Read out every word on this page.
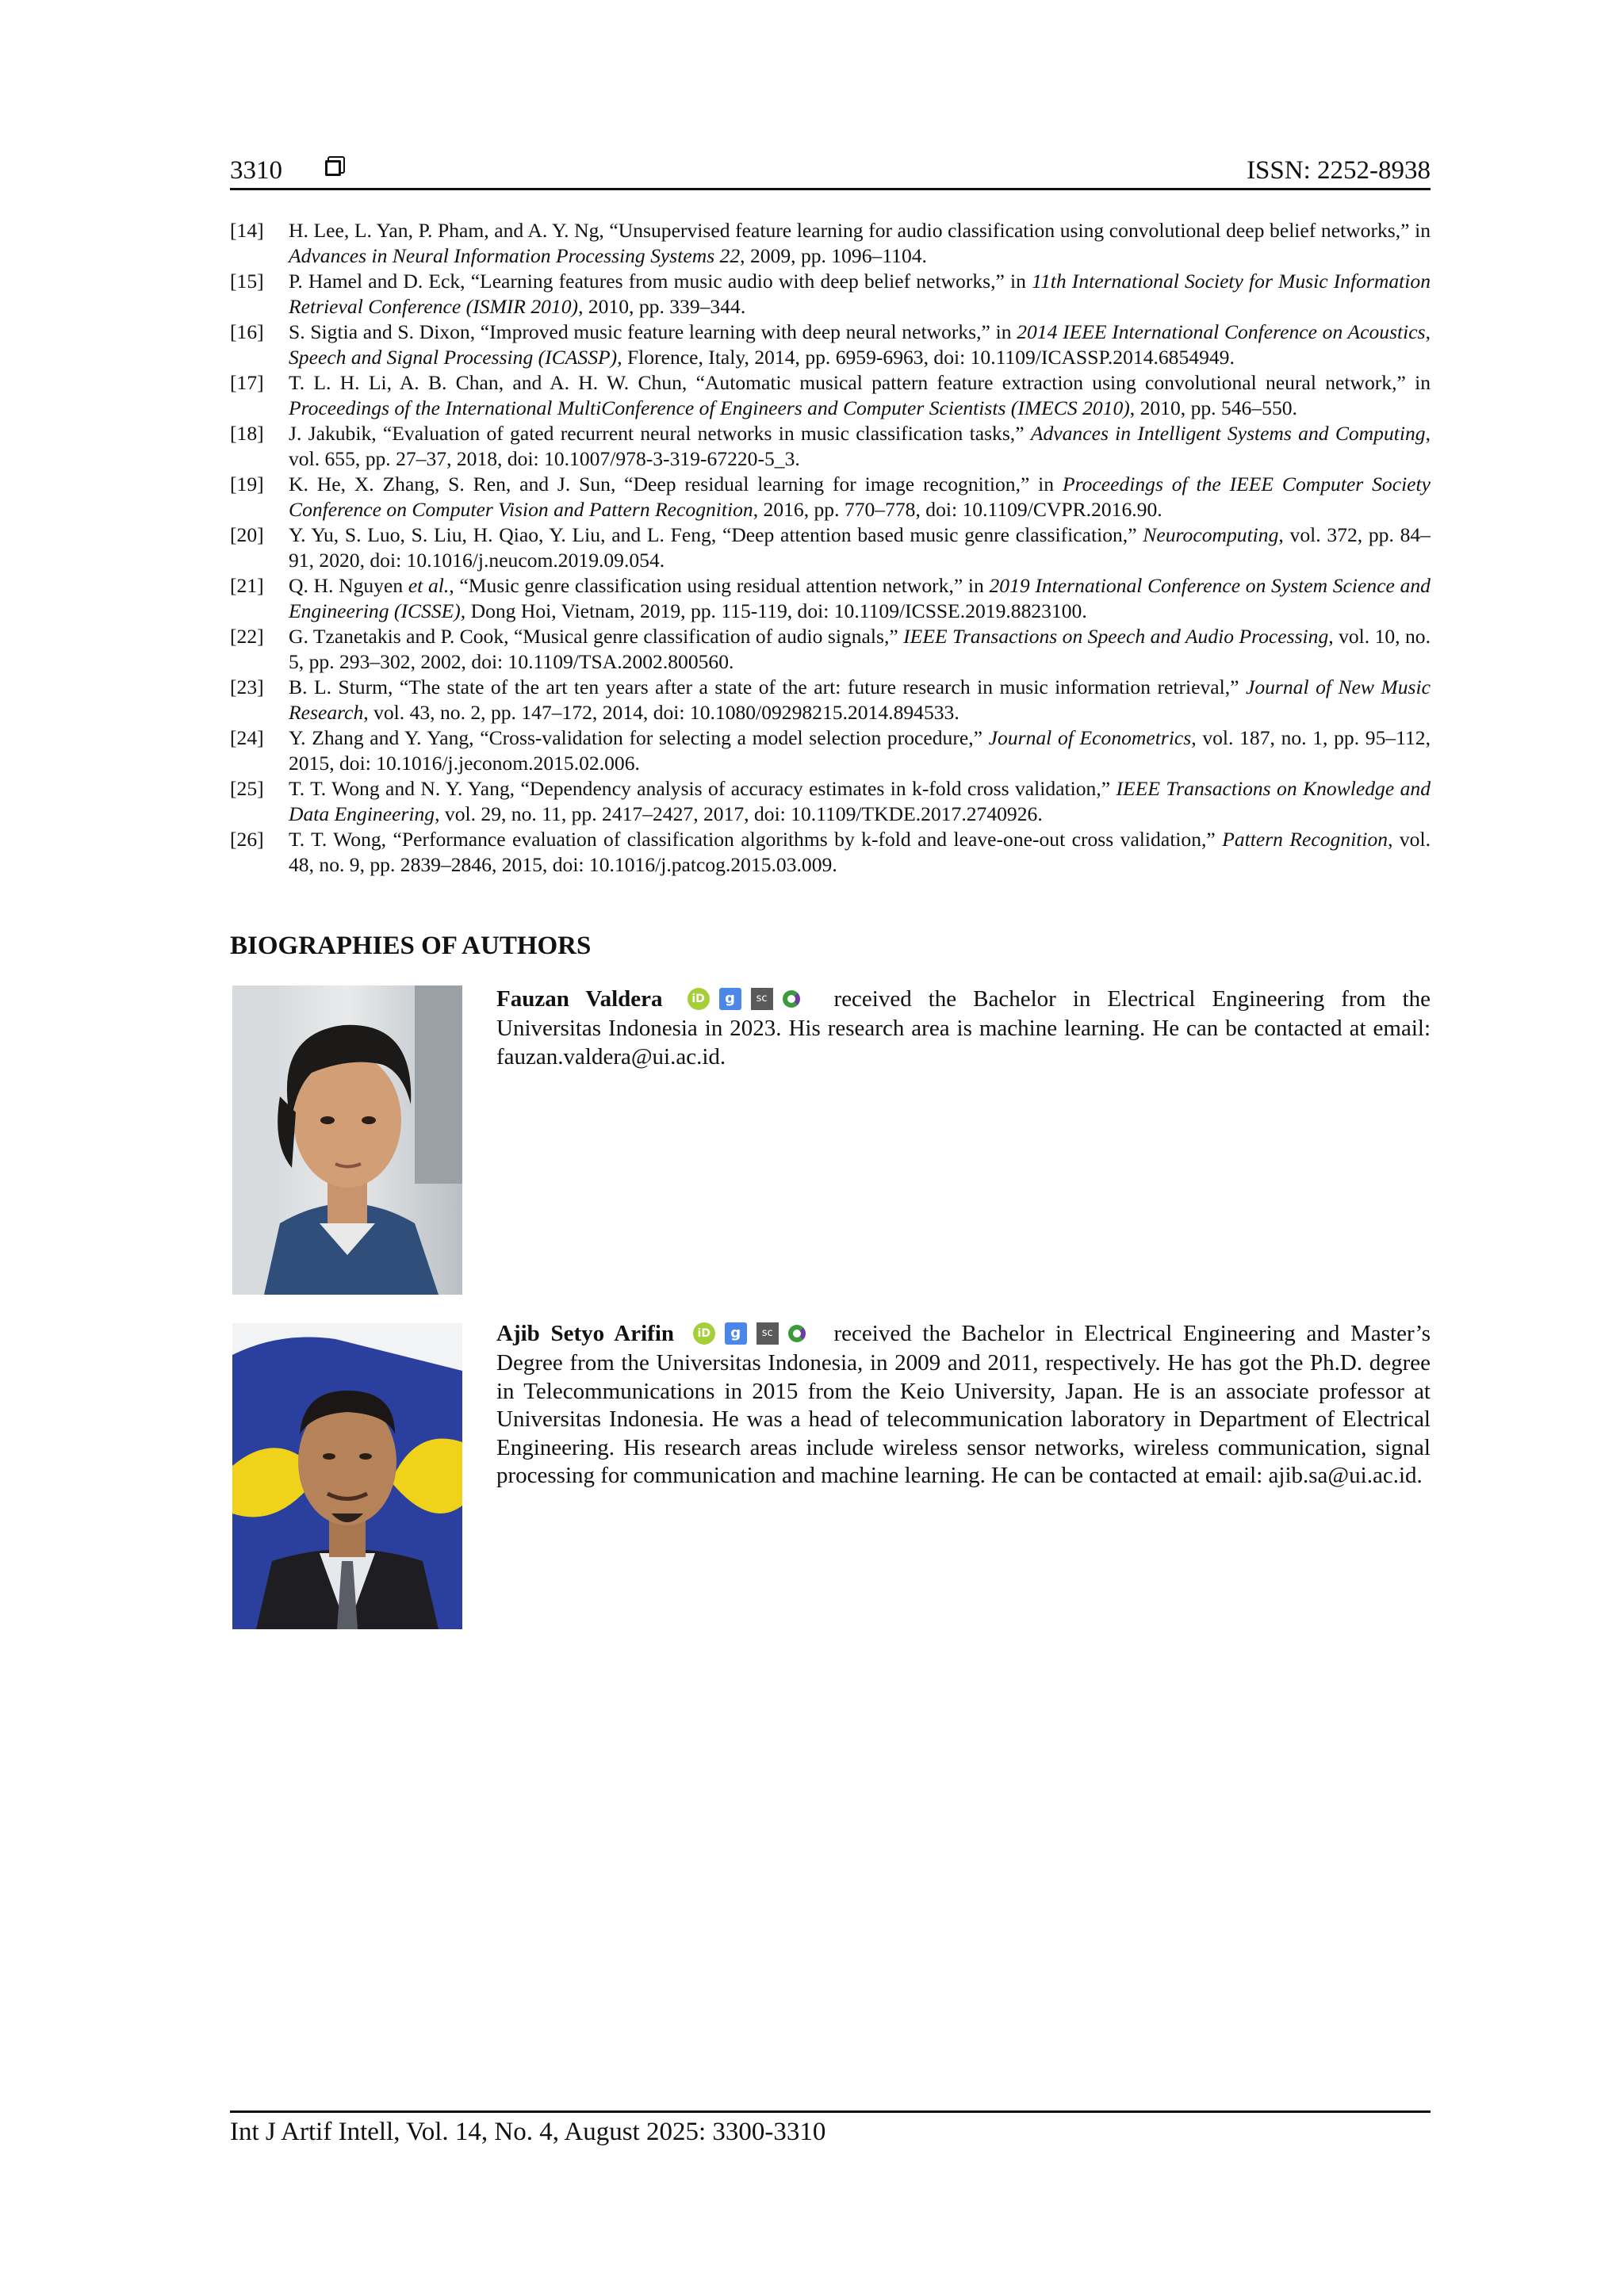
3310	ISSN: 2252-8938

[14] H. Lee, L. Yan, P. Pham, and A. Y. Ng, “Unsupervised feature learning for audio classification using convolutional deep belief networks,” in Advances in Neural Information Processing Systems 22, 2009, pp. 1096–1104.

[15] P. Hamel and D. Eck, “Learning features from music audio with deep belief networks,” in 11th International Society for Music Information Retrieval Conference (ISMIR 2010), 2010, pp. 339–344.

[16] S. Sigtia and S. Dixon, “Improved music feature learning with deep neural networks,” in 2014 IEEE International Conference on Acoustics, Speech and Signal Processing (ICASSP), Florence, Italy, 2014, pp. 6959-6963, doi: 10.1109/ICASSP.2014.6854949.

[17] T. L. H. Li, A. B. Chan, and A. H. W. Chun, “Automatic musical pattern feature extraction using convolutional neural network,” in Proceedings of the International MultiConference of Engineers and Computer Scientists (IMECS 2010), 2010, pp. 546–550.

[18] J. Jakubik, “Evaluation of gated recurrent neural networks in music classification tasks,” Advances in Intelligent Systems and Computing, vol. 655, pp. 27–37, 2018, doi: 10.1007/978-3-319-67220-5_3.

[19] K. He, X. Zhang, S. Ren, and J. Sun, “Deep residual learning for image recognition,” in Proceedings of the IEEE Computer Society Conference on Computer Vision and Pattern Recognition, 2016, pp. 770–778, doi: 10.1109/CVPR.2016.90.

[20] Y. Yu, S. Luo, S. Liu, H. Qiao, Y. Liu, and L. Feng, “Deep attention based music genre classification,” Neurocomputing, vol. 372, pp. 84–91, 2020, doi: 10.1016/j.neucom.2019.09.054.

[21] Q. H. Nguyen et al., “Music genre classification using residual attention network,” in 2019 International Conference on System Science and Engineering (ICSSE), Dong Hoi, Vietnam, 2019, pp. 115-119, doi: 10.1109/ICSSE.2019.8823100.

[22] G. Tzanetakis and P. Cook, “Musical genre classification of audio signals,” IEEE Transactions on Speech and Audio Processing, vol. 10, no. 5, pp. 293–302, 2002, doi: 10.1109/TSA.2002.800560.

[23] B. L. Sturm, “The state of the art ten years after a state of the art: future research in music information retrieval,” Journal of New Music Research, vol. 43, no. 2, pp. 147–172, 2014, doi: 10.1080/09298215.2014.894533.

[24] Y. Zhang and Y. Yang, “Cross-validation for selecting a model selection procedure,” Journal of Econometrics, vol. 187, no. 1, pp. 95–112, 2015, doi: 10.1016/j.jeconom.2015.02.006.

[25] T. T. Wong and N. Y. Yang, “Dependency analysis of accuracy estimates in k-fold cross validation,” IEEE Transactions on Knowledge and Data Engineering, vol. 29, no. 11, pp. 2417–2427, 2017, doi: 10.1109/TKDE.2017.2740926.

[26] T. T. Wong, “Performance evaluation of classification algorithms by k-fold and leave-one-out cross validation,” Pattern Recognition, vol. 48, no. 9, pp. 2839–2846, 2015, doi: 10.1016/j.patcog.2015.03.009.

BIOGRAPHIES OF AUTHORS
Fauzan Valdera	iD g sc	received the Bachelor in Electrical Engineering from the Universitas Indonesia in 2023. His research area is machine learning. He can be contacted at email: fauzan.valdera@ui.ac.id.
Ajib Setyo Arifin iD g sc	received the Bachelor in Electrical Engineering and Master’s Degree from the Universitas Indonesia, in 2009 and 2011, respectively. He has got the Ph.D. degree in Telecommunications in 2015 from the Keio University, Japan. He is an associate professor at Universitas Indonesia. He was a head of telecommunication laboratory in Department of Electrical Engineering. His research areas include wireless sensor networks, wireless communication, signal processing for communication and machine learning. He can be contacted at email: ajib.sa@ui.ac.id.
Int J Artif Intell, Vol. 14, No. 4, August 2025: 3300-3310
